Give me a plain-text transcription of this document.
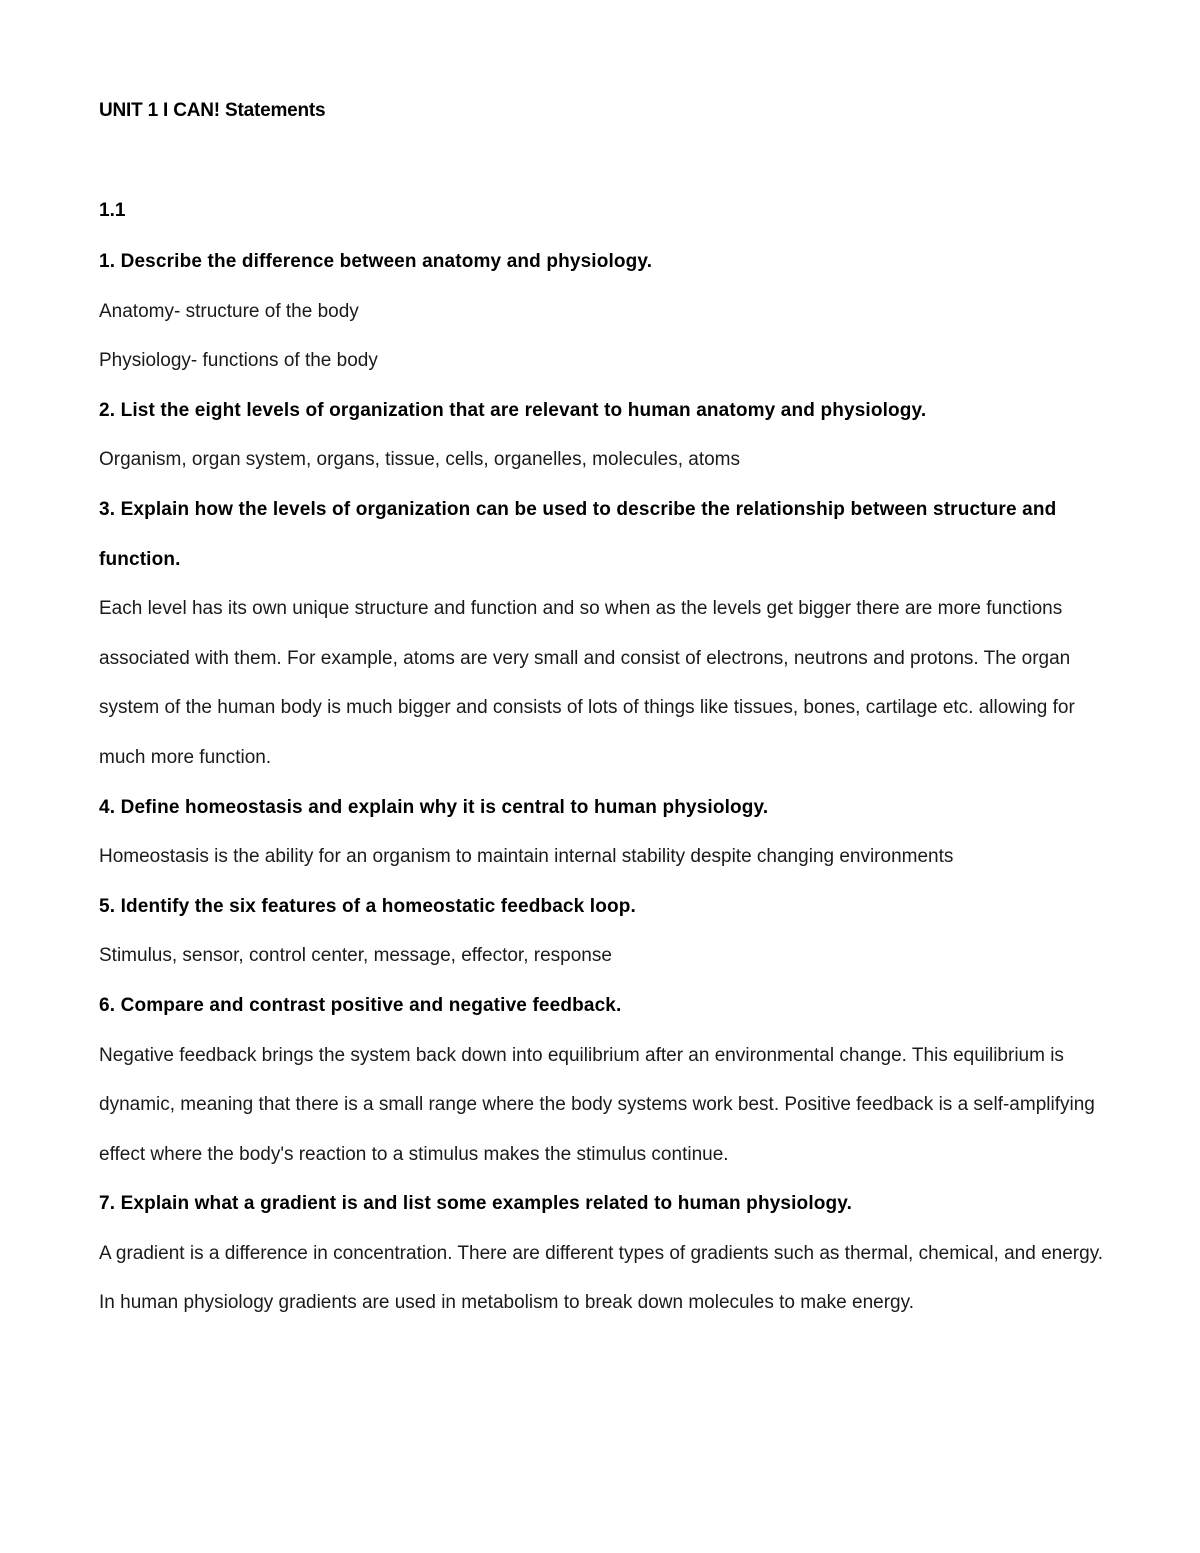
UNIT 1 I CAN! Statements

1.1

1. Describe the difference between anatomy and physiology.

Anatomy- structure of the body

Physiology- functions of the body

2. List the eight levels of organization that are relevant to human anatomy and physiology.

Organism, organ system, organs, tissue, cells, organelles, molecules, atoms

3. Explain how the levels of organization can be used to describe the relationship between structure and function.

Each level has its own unique structure and function and so when as the levels get bigger there are more functions associated with them. For example, atoms are very small and consist of electrons, neutrons and protons. The organ system of the human body is much bigger and consists of lots of things like tissues, bones, cartilage etc. allowing for much more function.

4. Define homeostasis and explain why it is central to human physiology.

Homeostasis is the ability for an organism to maintain internal stability despite changing environments

5. Identify the six features of a homeostatic feedback loop.

Stimulus, sensor, control center, message, effector, response

6. Compare and contrast positive and negative feedback.

Negative feedback brings the system back down into equilibrium after an environmental change. This equilibrium is dynamic, meaning that there is a small range where the body systems work best. Positive feedback is a self-amplifying effect where the body's reaction to a stimulus makes the stimulus continue.

7. Explain what a gradient is and list some examples related to human physiology.

A gradient is a difference in concentration. There are different types of gradients such as thermal, chemical, and energy. In human physiology gradients are used in metabolism to break down molecules to make energy.
